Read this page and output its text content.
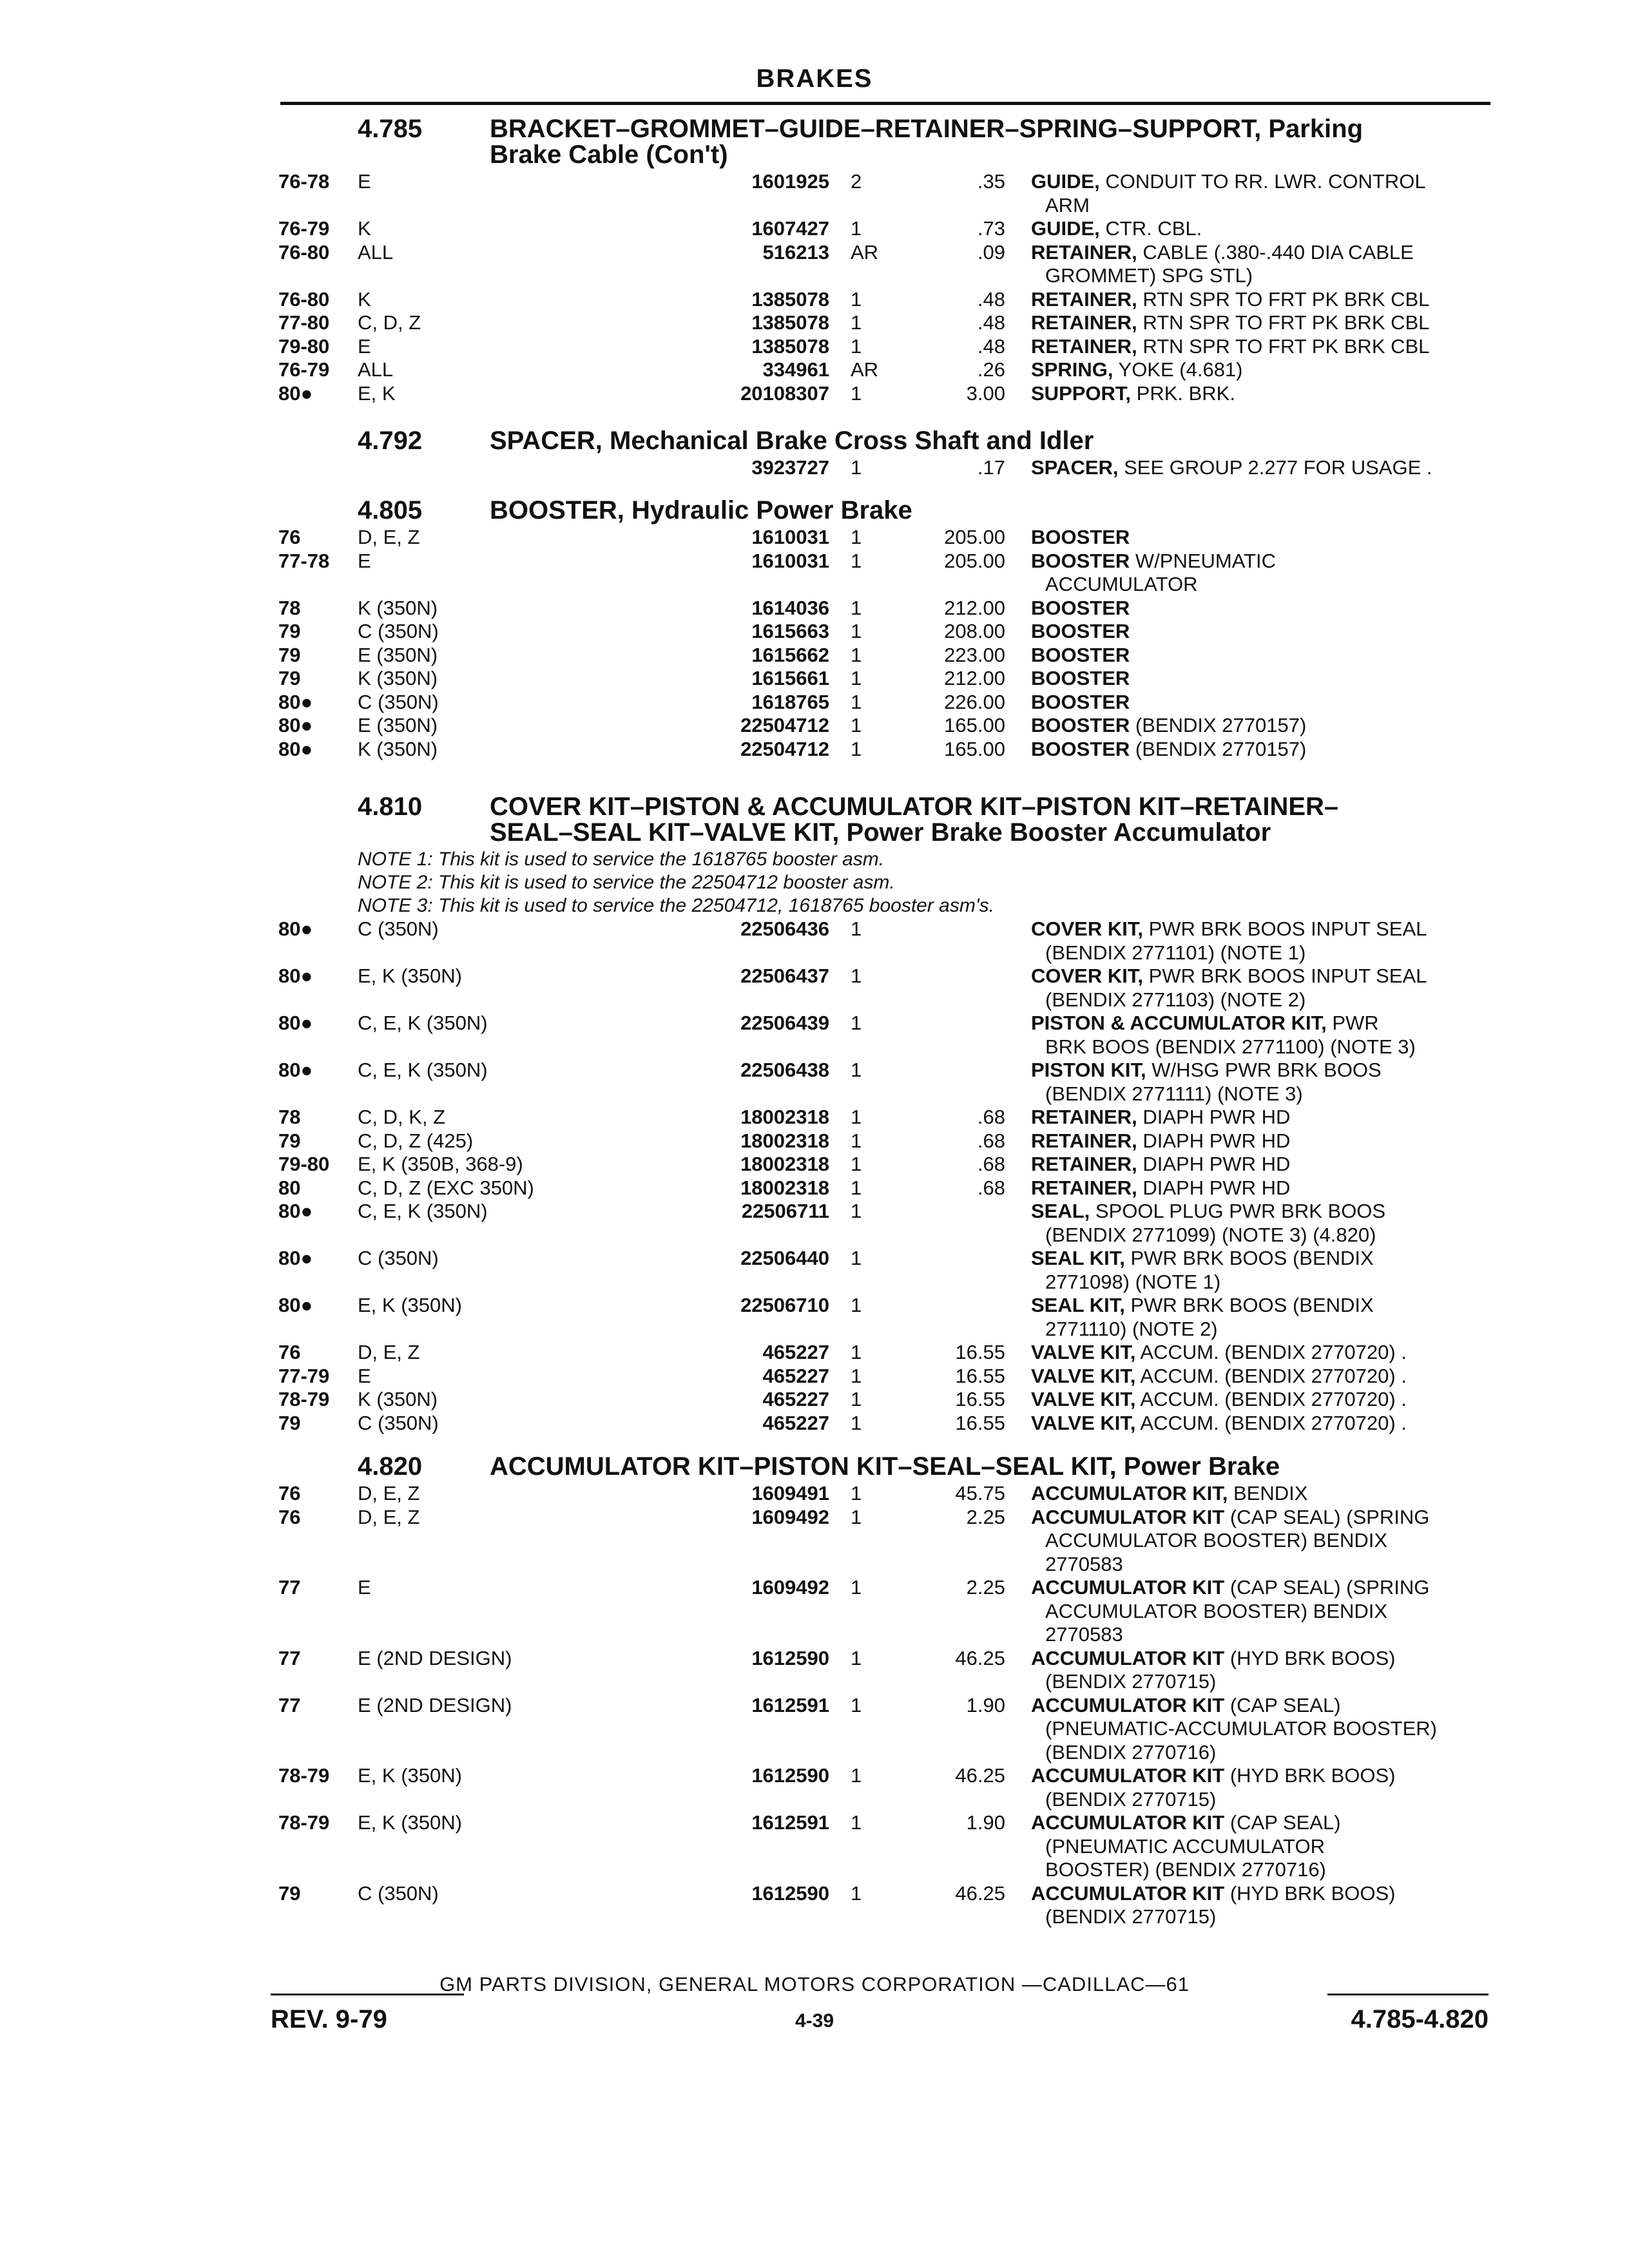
BRAKES
4.785	BRACKET–GROMMET–GUIDE–RETAINER–SPRING–SUPPORT, Parking
Brake Cable (Con't)
76-78 E	1601925 2	.35 GUIDE, CONDUIT TO RR. LWR. CONTROL
ARM
76-79 K	1607427 1	.73 GUIDE, CTR. CBL.
76-80 ALL	516213 AR	.09 RETAINER, CABLE (.380-.440 DIA CABLE
GROMMET) SPG STL)
76-80 K	1385078 1	.48 RETAINER, RTN SPR TO FRT PK BRK CBL
77-80 C, D, Z	1385078 1	.48 RETAINER, RTN SPR TO FRT PK BRK CBL
79-80 E	1385078 1	.48 RETAINER, RTN SPR TO FRT PK BRK CBL
76-79 ALL	334961 AR	.26 SPRING, YOKE (4.681)
80● E, K	20108307 1	3.00 SUPPORT, PRK. BRK.
4.792	SPACER, Mechanical Brake Cross Shaft and Idler
3923727 1	.17 SPACER, SEE GROUP 2.277 FOR USAGE .
4.805	BOOSTER, Hydraulic Power Brake
76	D, E, Z	1610031 1	205.00 BOOSTER
77-78 E	1610031 1	205.00 BOOSTER W/PNEUMATIC
ACCUMULATOR
78	K (350N)	1614036 1	212.00 BOOSTER
79	C (350N)	1615663 1	208.00 BOOSTER
79	E (350N)	1615662 1	223.00 BOOSTER
79	K (350N)	1615661 1	212.00 BOOSTER
80● C (350N)	1618765 1	226.00 BOOSTER
80● E (350N)	22504712 1	165.00 BOOSTER (BENDIX 2770157)
80● K (350N)	22504712 1	165.00 BOOSTER (BENDIX 2770157)
4.810	COVER KIT–PISTON & ACCUMULATOR KIT–PISTON KIT–RETAINER–
SEAL–SEAL KIT–VALVE KIT, Power Brake Booster Accumulator
NOTE 1: This kit is used to service the 1618765 booster asm.
NOTE 2: This kit is used to service the 22504712 booster asm.
NOTE 3: This kit is used to service the 22504712, 1618765 booster asm's.
80● C (350N)	22506436 1	COVER KIT, PWR BRK BOOS INPUT SEAL
(BENDIX 2771101) (NOTE 1)
80● E, K (350N)	22506437 1	COVER KIT, PWR BRK BOOS INPUT SEAL
(BENDIX 2771103) (NOTE 2)
80● C, E, K (350N)	22506439 1	PISTON & ACCUMULATOR KIT, PWR
BRK BOOS (BENDIX 2771100) (NOTE 3)
80● C, E, K (350N)	22506438 1	PISTON KIT, W/HSG PWR BRK BOOS
(BENDIX 2771111) (NOTE 3)
78	C, D, K, Z	18002318 1	.68 RETAINER, DIAPH PWR HD
79	C, D, Z (425)	18002318 1	.68 RETAINER, DIAPH PWR HD
79-80 E, K (350B, 368-9)	18002318 1	.68 RETAINER, DIAPH PWR HD
80	C, D, Z (EXC 350N)	18002318 1	.68 RETAINER, DIAPH PWR HD
80● C, E, K (350N)	22506711 1	SEAL, SPOOL PLUG PWR BRK BOOS
(BENDIX 2771099) (NOTE 3) (4.820)
80● C (350N)	22506440 1	SEAL KIT, PWR BRK BOOS (BENDIX
2771098) (NOTE 1)
80● E, K (350N)	22506710 1	SEAL KIT, PWR BRK BOOS (BENDIX
2771110) (NOTE 2)
76	D, E, Z	465227 1	16.55 VALVE KIT, ACCUM. (BENDIX 2770720) .
77-79 E	465227 1	16.55 VALVE KIT, ACCUM. (BENDIX 2770720) .
78-79 K (350N)	465227 1	16.55 VALVE KIT, ACCUM. (BENDIX 2770720) .
79	C (350N)	465227 1	16.55 VALVE KIT, ACCUM. (BENDIX 2770720) .
4.820	ACCUMULATOR KIT–PISTON KIT–SEAL–SEAL KIT, Power Brake
76	D, E, Z	1609491 1	45.75 ACCUMULATOR KIT, BENDIX
76	D, E, Z	1609492 1	2.25 ACCUMULATOR KIT (CAP SEAL) (SPRING
ACCUMULATOR BOOSTER) BENDIX
2770583
77	E	1609492 1	2.25 ACCUMULATOR KIT (CAP SEAL) (SPRING
ACCUMULATOR BOOSTER) BENDIX
2770583
77	E (2ND DESIGN)	1612590 1	46.25 ACCUMULATOR KIT (HYD BRK BOOS)
(BENDIX 2770715)
77	E (2ND DESIGN)	1612591 1	1.90 ACCUMULATOR KIT (CAP SEAL)
(PNEUMATIC-ACCUMULATOR BOOSTER)
(BENDIX 2770716)
78-79 E, K (350N)	1612590 1	46.25 ACCUMULATOR KIT (HYD BRK BOOS)
(BENDIX 2770715)
78-79 E, K (350N)	1612591 1	1.90 ACCUMULATOR KIT (CAP SEAL)
(PNEUMATIC ACCUMULATOR
BOOSTER) (BENDIX 2770716)
79	C (350N)	1612590 1	46.25 ACCUMULATOR KIT (HYD BRK BOOS)
(BENDIX 2770715)
GM PARTS DIVISION, GENERAL MOTORS CORPORATION —CADILLAC—61
REV. 9-79	4-39	4.785-4.820
